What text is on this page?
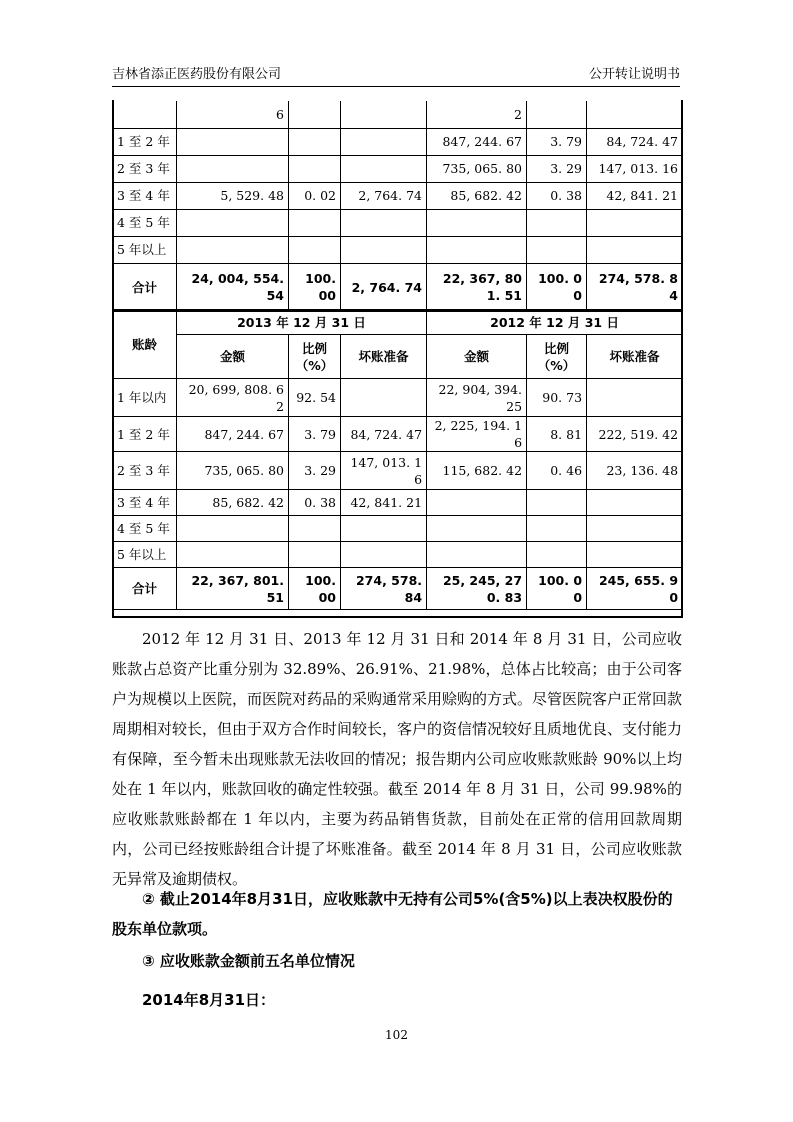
吉林省添正医药股份有限公司	公开转让说明书
	6			2		
1 至 2 年				847, 244. 67	3. 79	84, 724. 47
2 至 3 年				735, 065. 80	3. 29	147, 013. 16
3 至 4 年	5, 529. 48	0. 02	2, 764. 74	85, 682. 42	0. 38	42, 841. 21
4 至 5 年						
5 年以上						
合计	24, 004, 554. 54	100. 00	2, 764. 74	22, 367, 801. 51	100. 00	274, 578. 84
账龄	2013 年 12 月 31 日			2012 年 12 月 31 日		
	金额	比例（%）	坏账准备	金额	比例（%）	坏账准备
1 年以内	20, 699, 808. 62	92. 54		22, 904, 394. 25	90. 73	
1 至 2 年	847, 244. 67	3. 79	84, 724. 47	2, 225, 194. 16	8. 81	222, 519. 42
2 至 3 年	735, 065. 80	3. 29	147, 013. 16	115, 682. 42	0. 46	23, 136. 48
3 至 4 年	85, 682. 42	0. 38	42, 841. 21			
4 至 5 年						
5 年以上						
合计	22, 367, 801. 51	100. 00	274, 578. 84	25, 245, 270. 83	100. 00	245, 655. 90
2012 年 12 月 31 日、2013 年 12 月 31 日和 2014 年 8 月 31 日，公司应收账款占总资产比重分别为 32.89%、26.91%、21.98%，总体占比较高；由于公司客户为规模以上医院，而医院对药品的采购通常采用赊购的方式。尽管医院客户正常回款周期相对较长，但由于双方合作时间较长，客户的资信情况较好且质地优良、支付能力有保障，至今暂未出现账款无法收回的情况；报告期内公司应收账款账龄 90%以上均处在 1 年以内，账款回收的确定性较强。截至 2014 年 8 月 31 日，公司 99.98%的应收账款账龄都在 1 年以内，主要为药品销售货款，目前处在正常的信用回款周期内，公司已经按账龄组合计提了坏账准备。截至 2014 年 8 月 31 日，公司应收账款无异常及逾期债权。
② 截止2014年8月31日，应收账款中无持有公司5%(含5%)以上表决权股份的股东单位款项。
③ 应收账款金额前五名单位情况
2014年8月31日：
102
